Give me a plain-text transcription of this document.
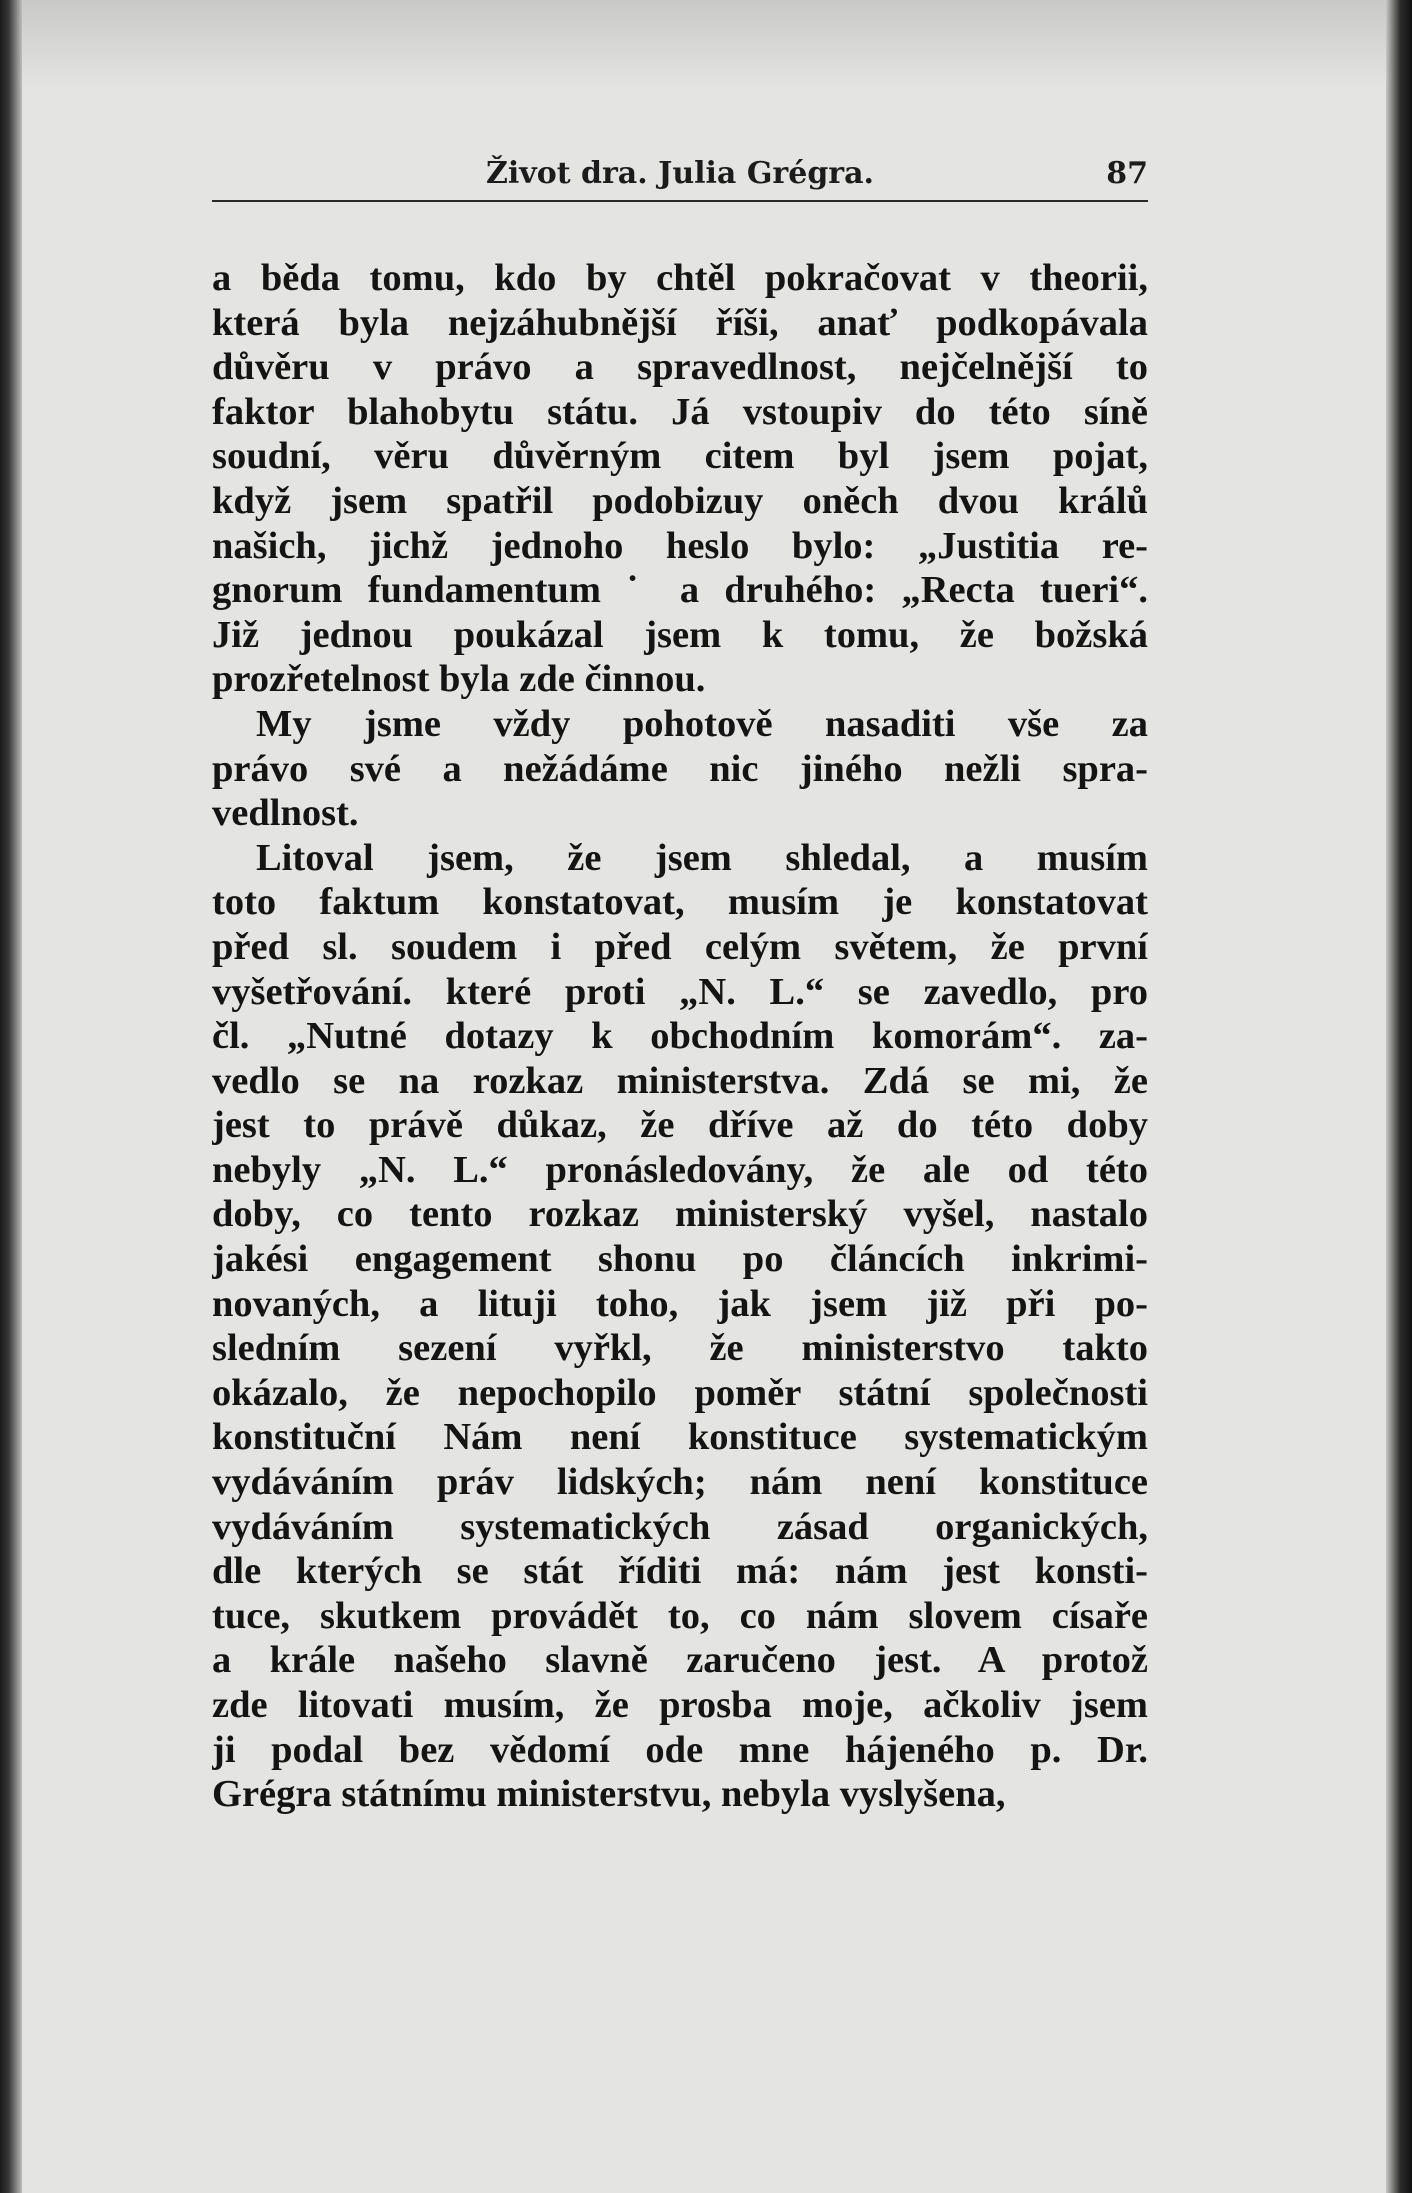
Život dra. Julia Grégra.	87
a běda tomu, kdo by chtěl pokračovat v theorii,
která byla nejzáhubnější říši, anať podkopávala
důvěru v právo a spravedlnost, nejčelnější to
faktor blahobytu státu. Já vstoupiv do této síně
soudní, věru důvěrným citem byl jsem pojat,
když jsem spatřil podobizuy oněch dvou králů
našich, jichž jednoho heslo bylo: „Justitia re-
gnorum fundamentum ˙ a druhého: „Recta tueri“.
Již jednou poukázal jsem k tomu, že božská
prozřetelnost byla zde činnou.
My jsme vždy pohotově nasaditi vše za
právo své a nežádáme nic jiného nežli spra-
vedlnost.
Litoval jsem, že jsem shledal, a musím
toto faktum konstatovat, musím je konstatovat
před sl. soudem i před celým světem, že první
vyšetřování. které proti „N. L.“ se zavedlo, pro
čl. „Nutné dotazy k obchodním komorám“. za-
vedlo se na rozkaz ministerstva. Zdá se mi, že
jest to právě důkaz, že dříve až do této doby
nebyly „N. L.“ pronásledovány, že ale od této
doby, co tento rozkaz ministerský vyšel, nastalo
jakési engagement shonu po článcích inkrimi-
novaných, a lituji toho, jak jsem již při po-
sledním sezení vyřkl, že ministerstvo takto
okázalo, že nepochopilo poměr státní společnosti
konstituční Nám není konstituce systematickým
vydáváním práv lidských; nám není konstituce
vydáváním systematických zásad organických,
dle kterých se stát říditi má: nám jest konsti-
tuce, skutkem provádět to, co nám slovem císaře
a krále našeho slavně zaručeno jest. A protož
zde litovati musím, že prosba moje, ačkoliv jsem
ji podal bez vědomí ode mne hájeného p. Dr.
Grégra státnímu ministerstvu, nebyla vyslyšena,
